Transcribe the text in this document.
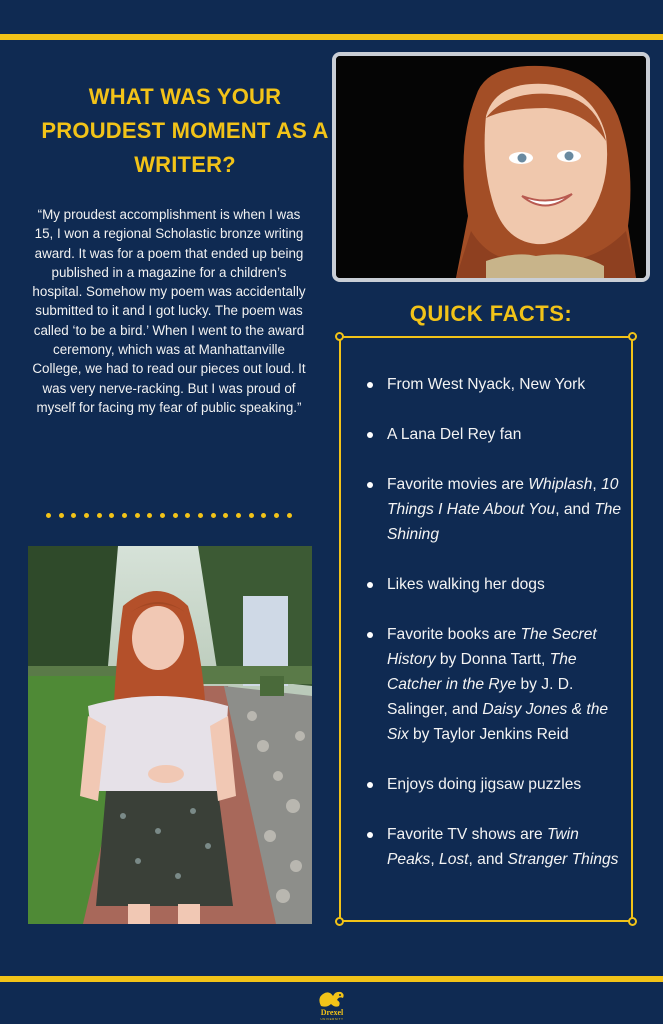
WHAT WAS YOUR PROUDEST MOMENT AS A WRITER?

“My proudest accomplishment is when I was 15, I won a regional Scholastic bronze writing award. It was for a poem that ended up being published in a magazine for a children’s hospital. Somehow my poem was accidentally submitted to it and I got lucky. The poem was called ‘to be a bird.’ When I went to the award ceremony, which was at Manhattanville College, we had to read our pieces out loud. It was very nerve-racking. But I was proud of myself for facing my fear of public speaking.”

QUICK FACTS:
From West Nyack, New York
A Lana Del Rey fan
Favorite movies are Whiplash, 10 Things I Hate About You, and The Shining
Likes walking her dogs
Favorite books are The Secret History by Donna Tartt, The Catcher in the Rye by J. D. Salinger, and Daisy Jones & the Six by Taylor Jenkins Reid
Enjoys doing jigsaw puzzles
Favorite TV shows are Twin Peaks, Lost, and Stranger Things
Drexel
UNIVERSITY
